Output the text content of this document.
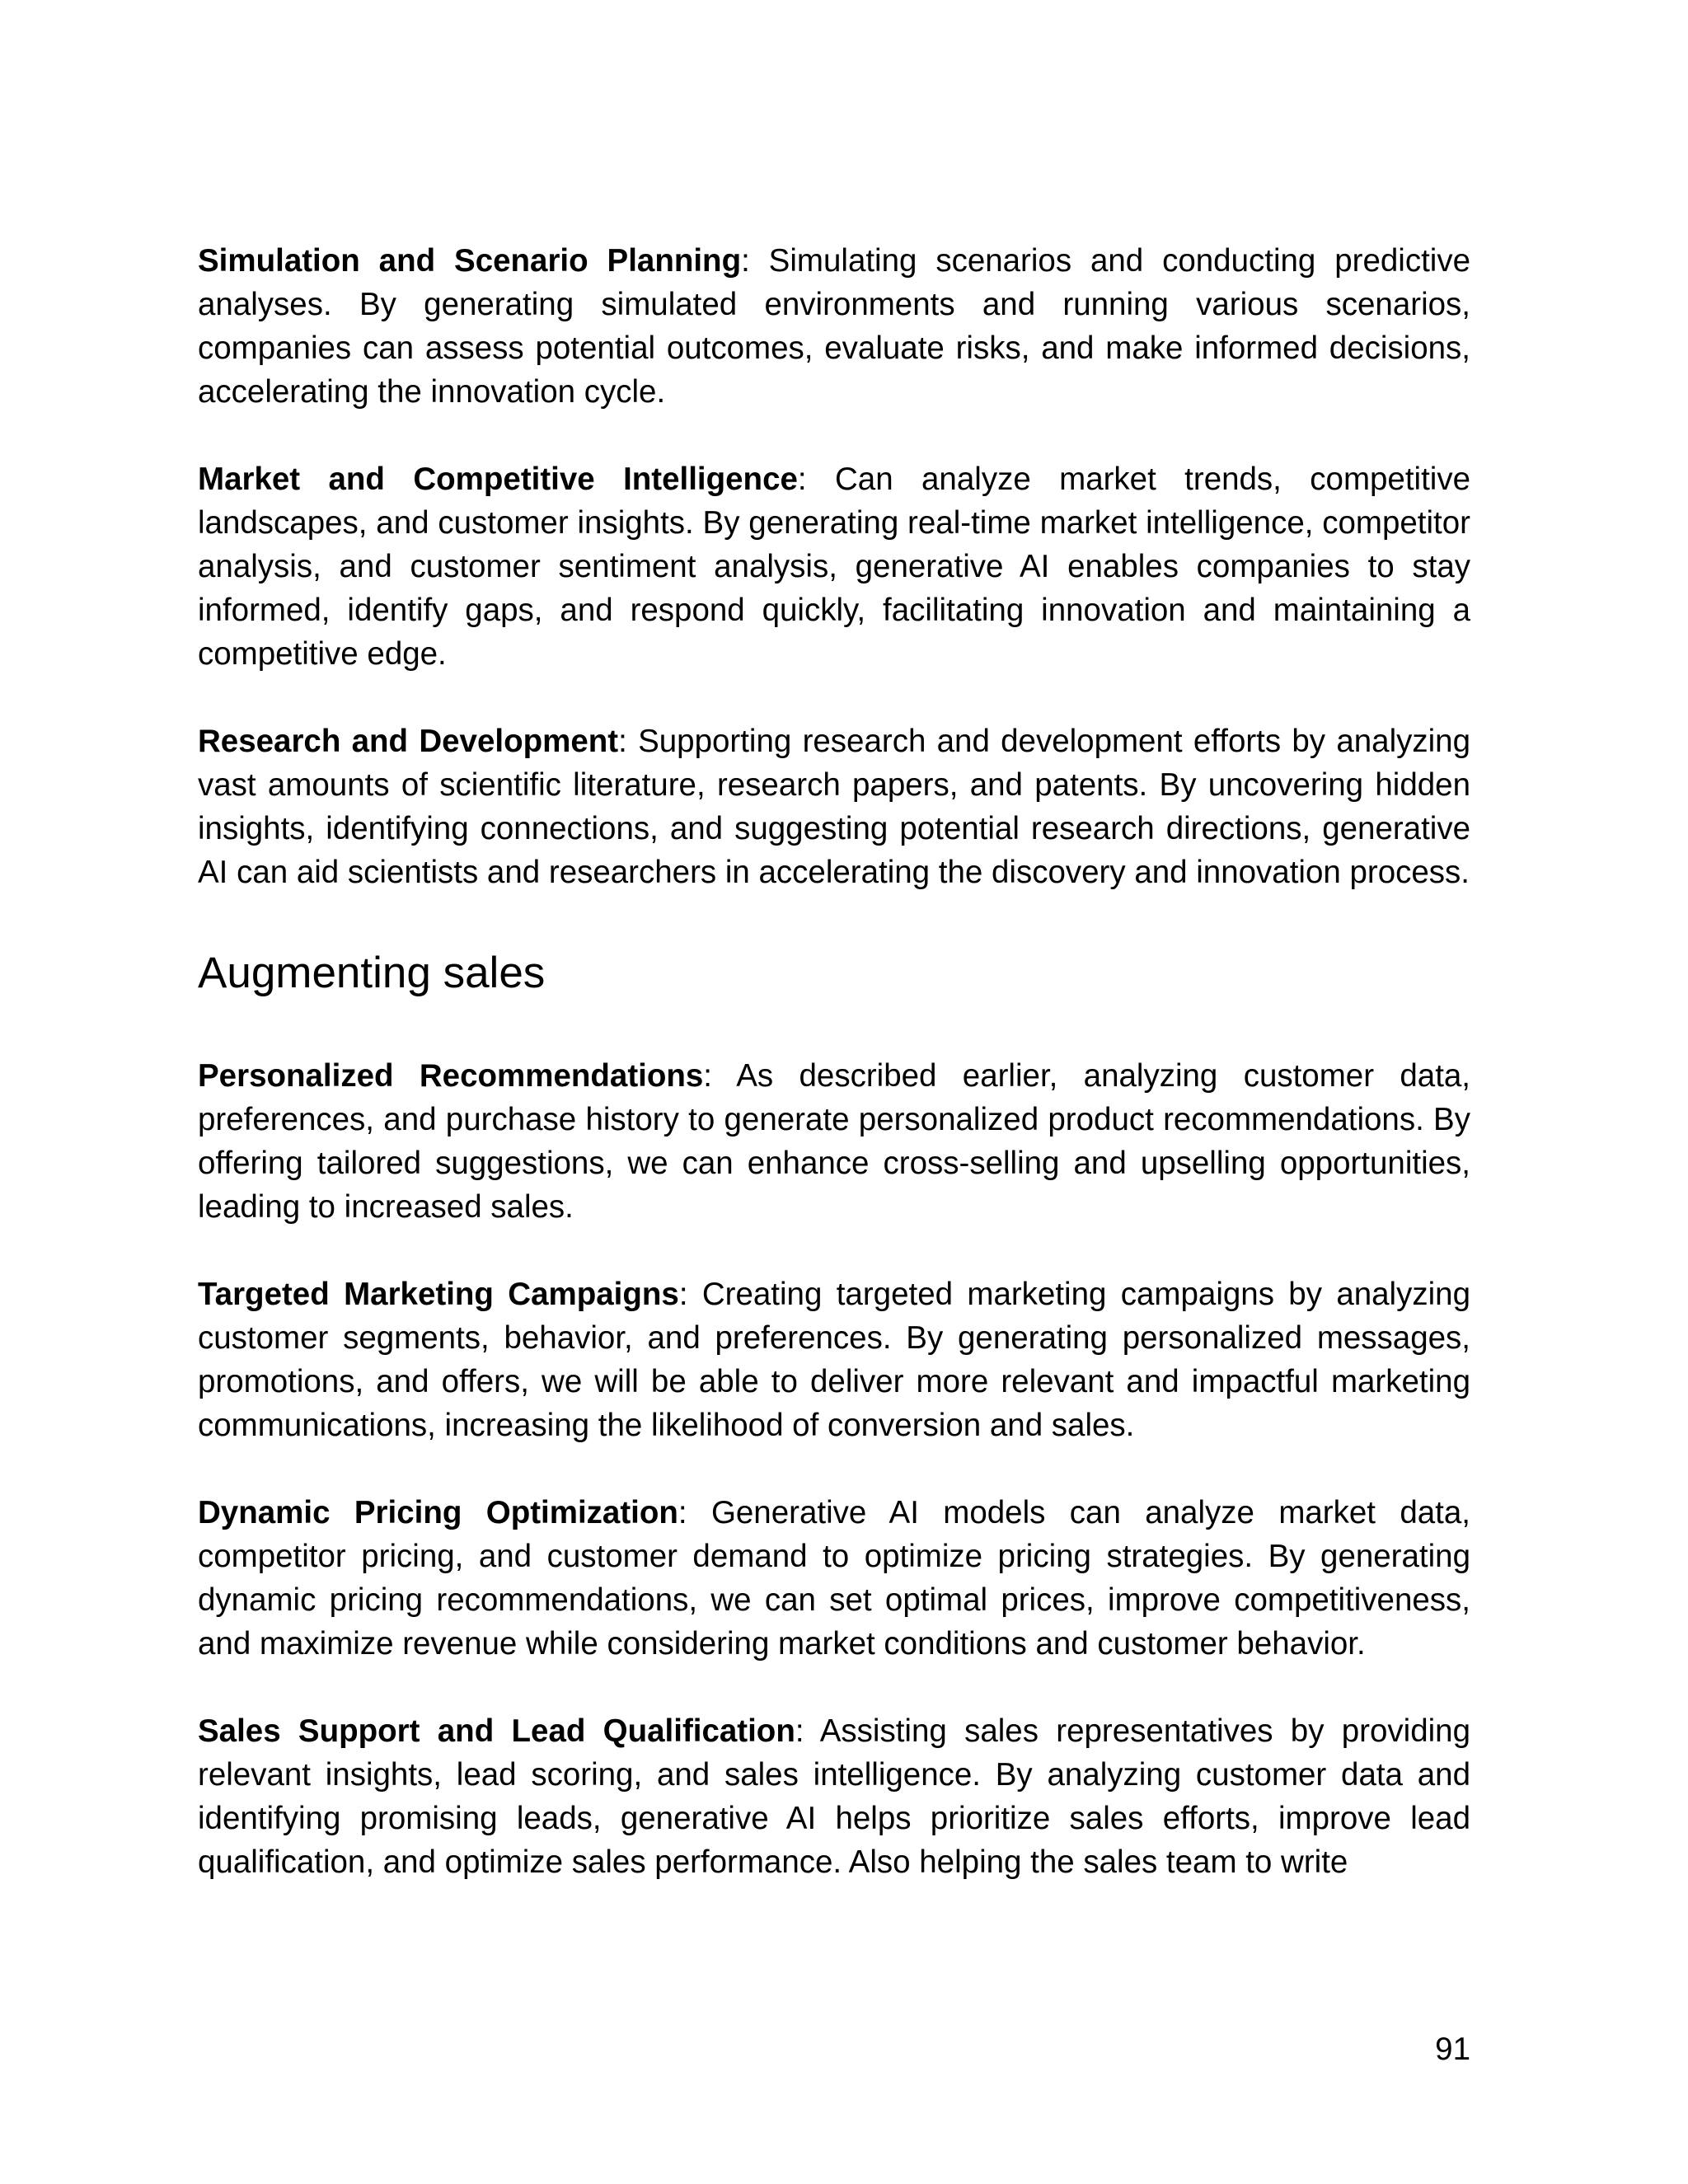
Simulation and Scenario Planning: Simulating scenarios and conducting predictive analyses. By generating simulated environments and running various scenarios, companies can assess potential outcomes, evaluate risks, and make informed decisions, accelerating the innovation cycle.

Market and Competitive Intelligence: Can analyze market trends, competitive landscapes, and customer insights. By generating real-time market intelligence, competitor analysis, and customer sentiment analysis, generative AI enables companies to stay informed, identify gaps, and respond quickly, facilitating innovation and maintaining a competitive edge.

Research and Development: Supporting research and development efforts by analyzing vast amounts of scientific literature, research papers, and patents. By uncovering hidden insights, identifying connections, and suggesting potential research directions, generative AI can aid scientists and researchers in accelerating the discovery and innovation process.

Augmenting sales

Personalized Recommendations: As described earlier, analyzing customer data, preferences, and purchase history to generate personalized product recommendations. By offering tailored suggestions, we can enhance cross-selling and upselling opportunities, leading to increased sales.

Targeted Marketing Campaigns: Creating targeted marketing campaigns by analyzing customer segments, behavior, and preferences. By generating personalized messages, promotions, and offers, we will be able to deliver more relevant and impactful marketing communications, increasing the likelihood of conversion and sales.

Dynamic Pricing Optimization: Generative AI models can analyze market data, competitor pricing, and customer demand to optimize pricing strategies. By generating dynamic pricing recommendations, we can set optimal prices, improve competitiveness, and maximize revenue while considering market conditions and customer behavior.

Sales Support and Lead Qualification: Assisting sales representatives by providing relevant insights, lead scoring, and sales intelligence. By analyzing customer data and identifying promising leads, generative AI helps prioritize sales efforts, improve lead qualification, and optimize sales performance. Also helping the sales team to write

91
